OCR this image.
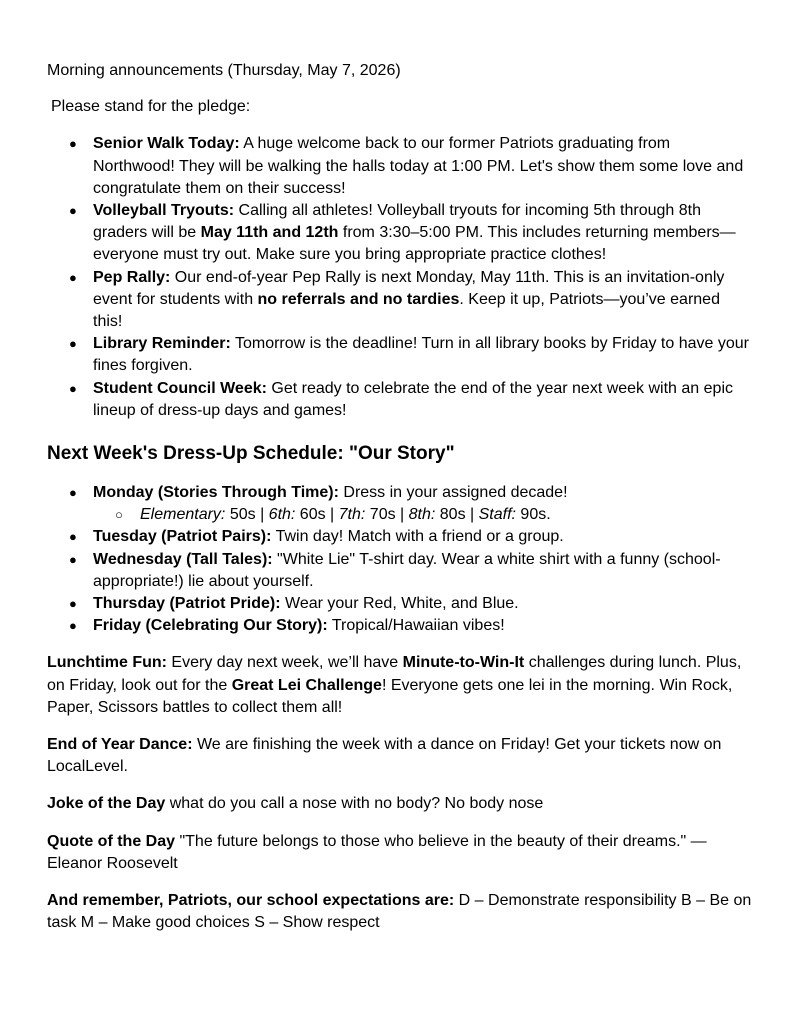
Morning announcements (Thursday, May 7, 2026)

Please stand for the pledge:

● Senior Walk Today: A huge welcome back to our former Patriots graduating from Northwood! They will be walking the halls today at 1:00 PM. Let's show them some love and congratulate them on their success!
● Volleyball Tryouts: Calling all athletes! Volleyball tryouts for incoming 5th through 8th graders will be May 11th and 12th from 3:30–5:00 PM. This includes returning members—everyone must try out. Make sure you bring appropriate practice clothes!
● Pep Rally: Our end-of-year Pep Rally is next Monday, May 11th. This is an invitation-only event for students with no referrals and no tardies. Keep it up, Patriots—you’ve earned this!
● Library Reminder: Tomorrow is the deadline! Turn in all library books by Friday to have your fines forgiven.
● Student Council Week: Get ready to celebrate the end of the year next week with an epic lineup of dress-up days and games!
Next Week's Dress-Up Schedule: "Our Story"
● Monday (Stories Through Time): Dress in your assigned decade!
○ Elementary: 50s | 6th: 60s | 7th: 70s | 8th: 80s | Staff: 90s.
● Tuesday (Patriot Pairs): Twin day! Match with a friend or a group.
● Wednesday (Tall Tales): "White Lie" T-shirt day. Wear a white shirt with a funny (school-appropriate!) lie about yourself.
● Thursday (Patriot Pride): Wear your Red, White, and Blue.
● Friday (Celebrating Our Story): Tropical/Hawaiian vibes!

Lunchtime Fun: Every day next week, we’ll have Minute-to-Win-It challenges during lunch. Plus, on Friday, look out for the Great Lei Challenge! Everyone gets one lei in the morning. Win Rock, Paper, Scissors battles to collect them all!

End of Year Dance: We are finishing the week with a dance on Friday! Get your tickets now on LocalLevel.

Joke of the Day what do you call a nose with no body? No body nose

Quote of the Day "The future belongs to those who believe in the beauty of their dreams." — Eleanor Roosevelt

And remember, Patriots, our school expectations are: D – Demonstrate responsibility B – Be on task M – Make good choices S – Show respect
